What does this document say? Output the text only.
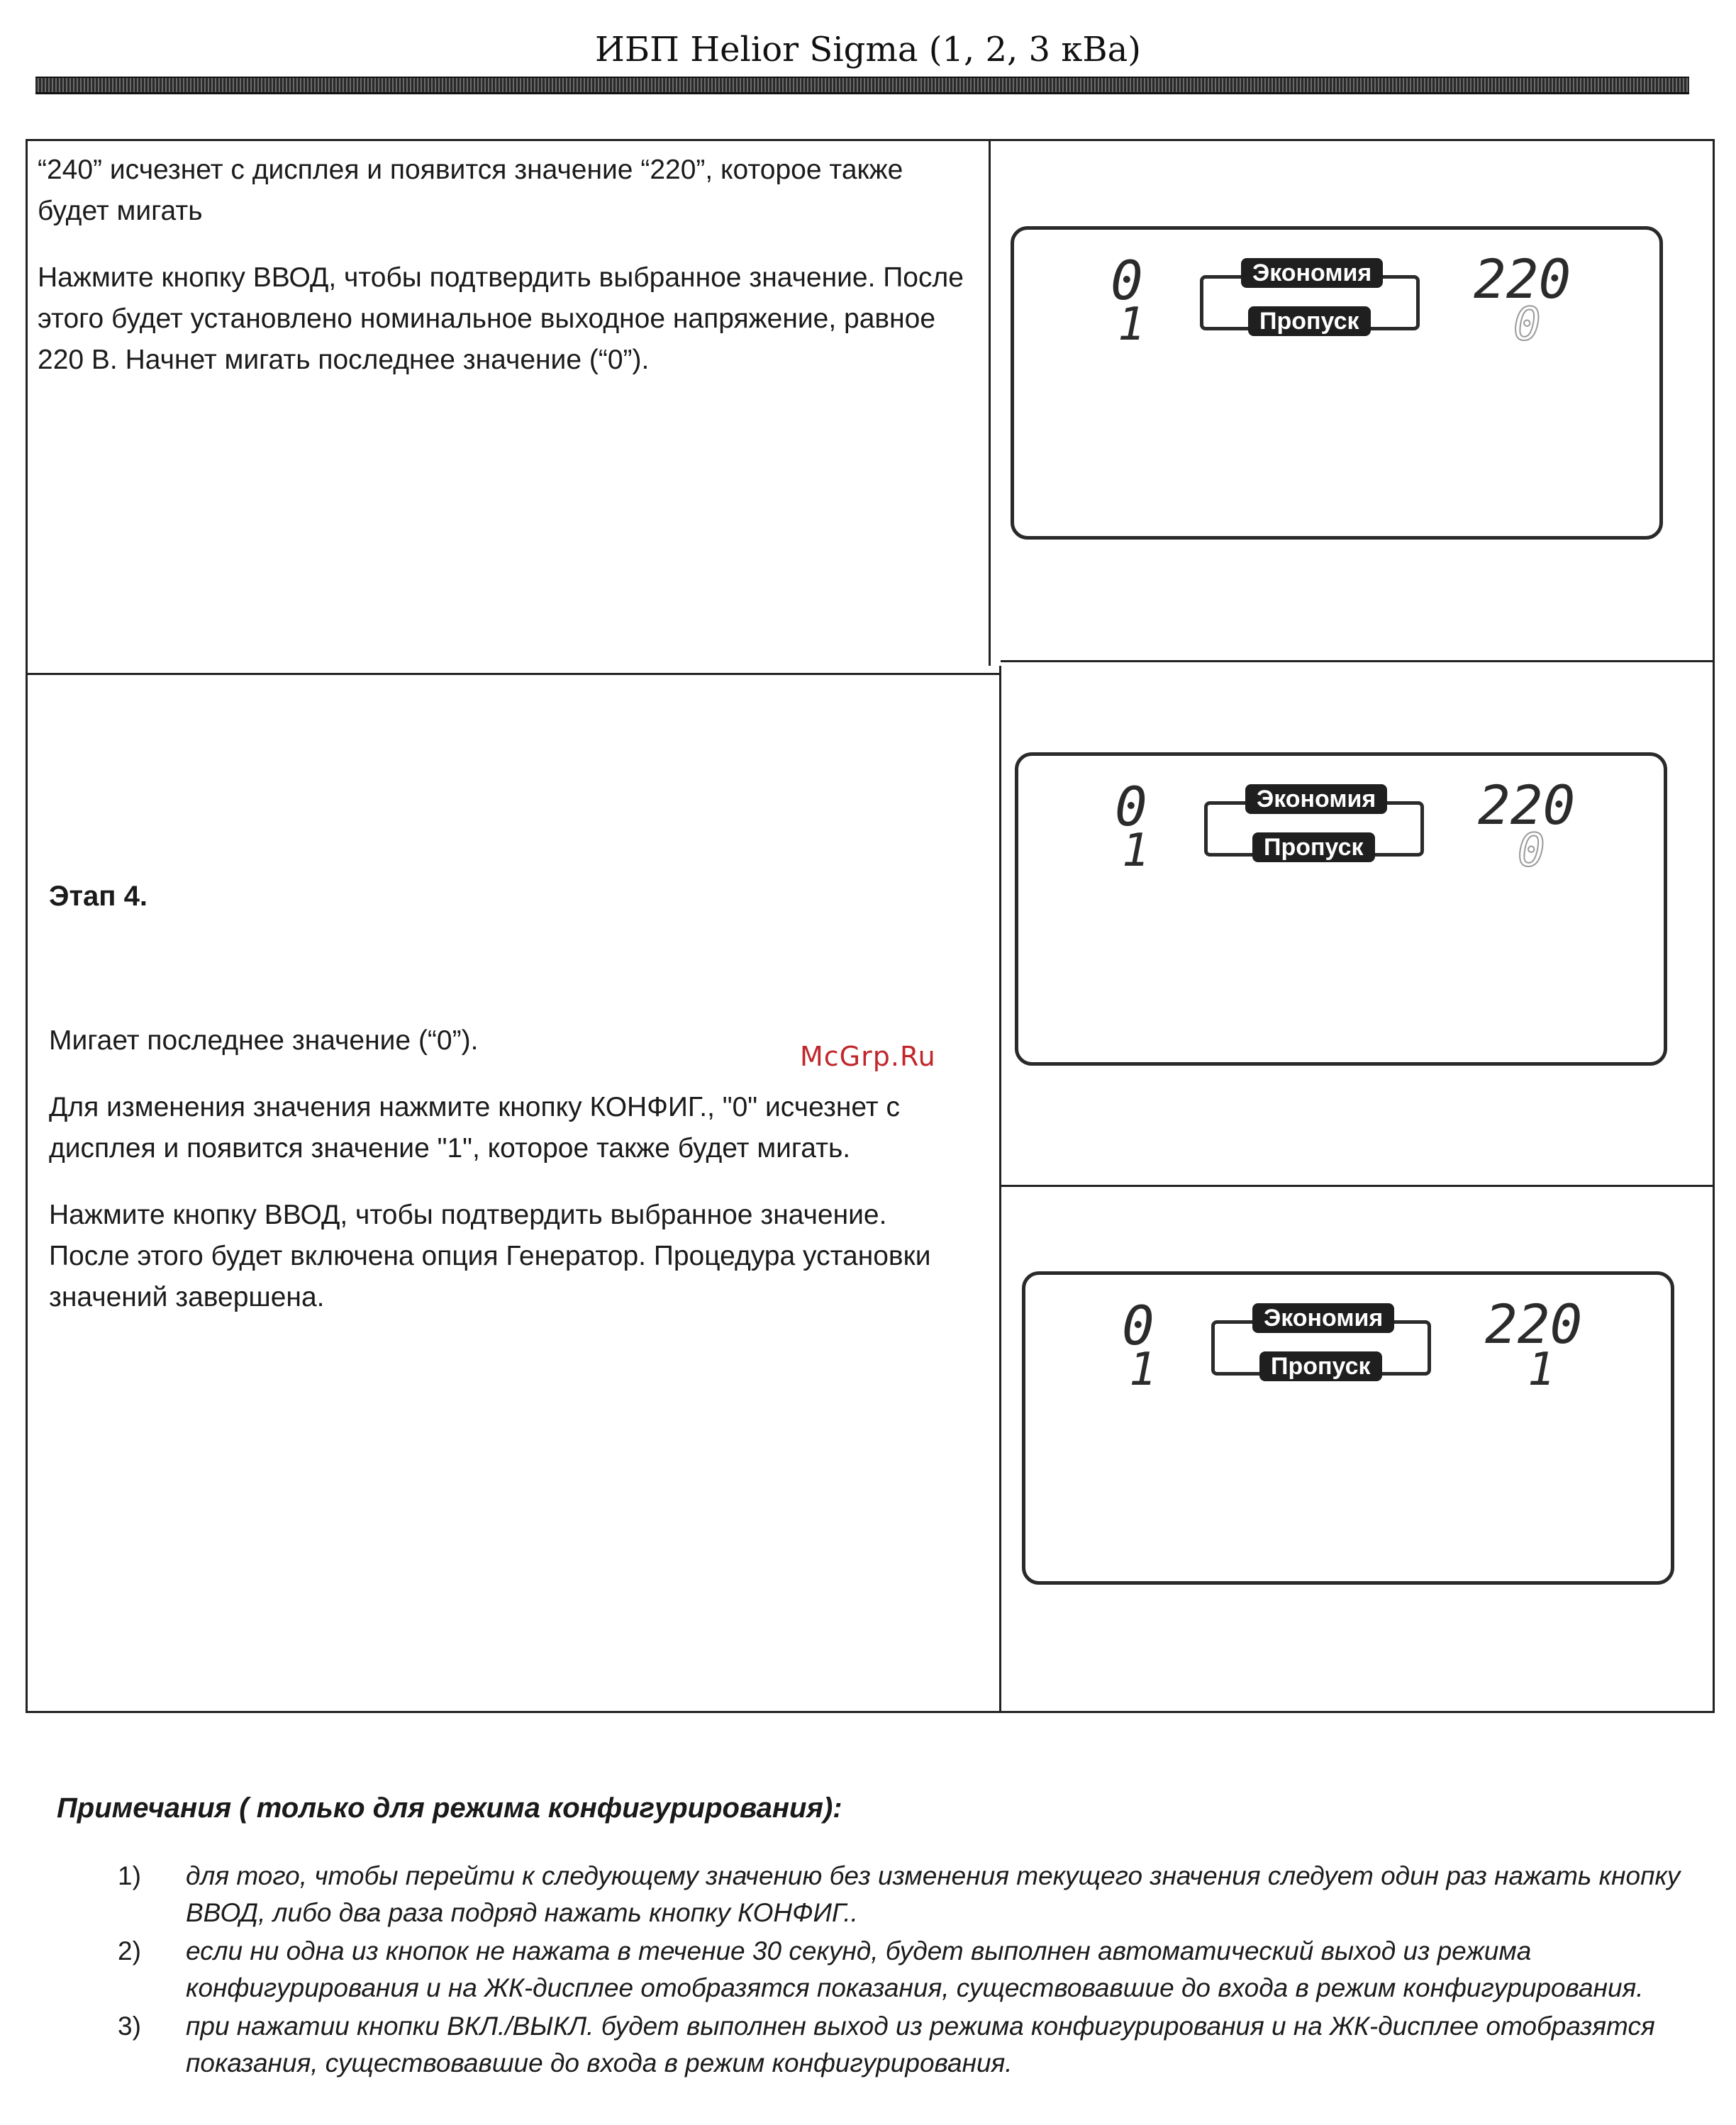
ИБП Helior Sigma (1, 2, 3 кВа)

“240” исчезнет с дисплея и появится значение “220”, которое также будет мигать

Нажмите кнопку ВВОД, чтобы подтвердить выбранное значение. После этого будет установлено номинальное выходное напряжение, равное 220 В. Начнет мигать последнее значение (“0”).

Этап 4.

Мигает последнее значение (“0”).

Для изменения значения нажмите кнопку КОНФИГ., "0" исчезнет с дисплея и появится значение "1", которое также будет мигать.

Нажмите кнопку ВВОД, чтобы подтвердить выбранное значение. После этого будет включена опция Генератор. Процедура установки значений завершена.

0
1
Экономия
Пропуск
220
0
0
1
Экономия
Пропуск
220
0
0
1
Экономия
Пропуск
220
1
McGrp.Ru
Примечания ( только для режима конфигурирования):
1) для того, чтобы перейти к следующему значению без изменения текущего значения следует один раз нажать кнопку ВВОД, либо два раза подряд нажать кнопку КОНФИГ..
2) если ни одна из кнопок не нажата в течение 30 секунд, будет выполнен автоматический выход из режима конфигурирования и на ЖК-дисплее отобразятся показания, существовавшие до входа в режим конфигурирования.
3) при нажатии кнопки ВКЛ./ВЫКЛ. будет выполнен выход из режима конфигурирования и на ЖК-дисплее отобразятся показания, существовавшие до входа в режим конфигурирования.
